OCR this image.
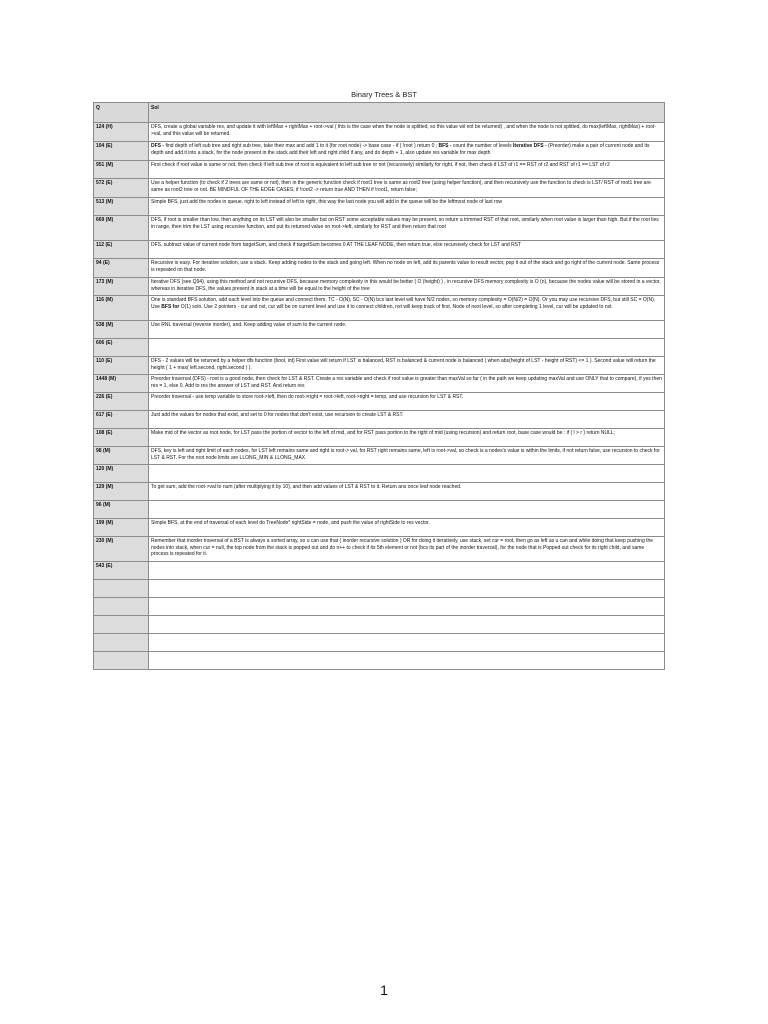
Binary Trees & BST
Q	Sol
124 (H)	DFS, create a global variable res, and update it with leftMax + rightMax + root->val ( this is the case when the node is splitted, so this value wil not be returned) , and when the node is not splitted, do max(leftMax, rightMax) + root->val, and this value will be returned.
104 (E)	DFS - find depth of left sub tree and right sub tree, take their max and add 1 to it (for root node) -> base case - if ( !root ) return 0 ; BFS - count the number of levels Iterative DFS - (Preorder) make a pair of current node and its depth and add it into a stack, for the node present in the stack add their left and right child if any, and do depth + 1, also update res variable for max depth
951 (M)	First check if root value is same or not, then check if left sub tree of root is equivalent to left sub tree or not (recursively) similarly for right, if not, then check if LST of r1 == RST of r2 and RST of r1 == LST of r2
572 (E)	Use a helper function (to check if 2 trees are same or not), then in the generic function check if root1 tree is same as root2 tree (using helper function), and then recursively use the function to check is LST/ RST of root1 tree are same as root2 tree or not. BE MINDFUL OF THE EDGE CASES, if !root2 -> return true AND THEN if !root1, return false;
513 (M)	Simple BFS, just add the nodes in queue, right to left instead of left to right, this way the last node you will add in the queue will be the leftmost node of last row
669 (M)	DFS, if root is smaller than low, then anything on its LST will also be smaller but on RST some acceptable values may be present, so return a trimmed RST of that root, similarly when root value is larger than high. But if the root lies in range, then trim the LST using recursive function, and put its returned value on root->left, similarly for RST and then return that root
112 (E)	DFS, subtract value of current node from targetSum, and check if targetSum becomes 0 AT THE LEAF NODE, then return true, else recursively check for LST and RST
94 (E)	Recursive is easy. For iterative solution, use a stack. Keep adding nodes to the stack and going left. When no node on left, add its parents value to result vector, pop it out of the stack and go right of the current node. Same process is repeated on that node.
173 (M)	Iterative DFS (see Q94), using this method and not recursive DFS, because memory complexity in this would be better ( O (height) ) , in recursive DFS memory complexity is O (n), because the nodes value will be stored in a vector, whereas in iterative DFS, the values present in stack at a time will be equal to the height of the tree
116 (M)	One is standard BFS solution, add each level into the queue and connect them, TC - O(N), SC - O(N) bcs last level will have N/2 nodes, so memory complexity = O(N/2) = O(N). Or you may use recursive DFS, but still SC = O(N). Use BFS for O(1) soln. Use 2 pointers - cur and nxt, cur will be on current level and use it to connect children, nxt will keep track of first. Node of next level, so after completing 1 level, cur will be updated to nxt.
538 (M)	Use RNL traversal (reverse inorder), and. Keep adding value of sum to the current node.
606 (E)	
110 (E)	DFS - 2 values will be returned by a helper dfs function (bool, int) First value will return if LST is balanced, RST is balanced & current node is balanced ( when abs(height of LST - height of RST) <= 1 ). Second value will return the height ( 1 + max( left.second, right.second ) ).
1448 (M)	Preorder traversal (DFS) - root is a good node, then check for LST & RST. Create a res variable and check if root value is greater than maxVal so far ( in the path we keep updating maxVal and use ONLY that to compare), if yes then res = 1, else 0. Add to res the answer of LST and RST. And return res
226 (E)	Preorder traversal - use temp variable to store root->left, then do root->right = root->left, root->right = temp, and use recursion for LST & RST.
617 (E)	Just add the values for nodes that exist, and set to 0 for nodes that don't exist, use recursion to create LST & RST.
108 (E)	Make mid of the vector as root node, for LST pass the portion of vector to the left of mid, and for RST pass portion to the right of mid (using recursion) and return root, base case would be : if ( l > r ) return NULL;
98 (M)	DFS, key is left and right limit of each nodes, for LST left remains same and right is root-> val, for RST right remains same, left is root->val, so check is a nodes's value is within the limits, if not return false, use recursion to check for LST & RST. For the root node limits are LLONG_MIN & LLONG_MAX
120 (M)	
129 (M)	To get sum, add the root->val to num (after multiplying it by 10), and then add values of LST & RST to it. Return ans once leaf node reached.
96 (M)	
199 (M)	Simple BFS, at the end of traversal of each level do TreeNode* rightSide = node, and push the value of rightSide to res vector.
230 (M)	Remember that inorder traversal of a BST is always a sorted array, so u can use that ( inorder recursive solution ) OR for doing it iteratively, use stack, set cur = root, then go as left as u can and while doing that keep pushing the nodes into stack, when cur = null, the top node from the stack is popped out and do n++ to check if its 5th element or not (bcs its part of the inorder traversal), for the node that is Popped out check for its right child, and same process is repeated for it.
543 (E)	

1
